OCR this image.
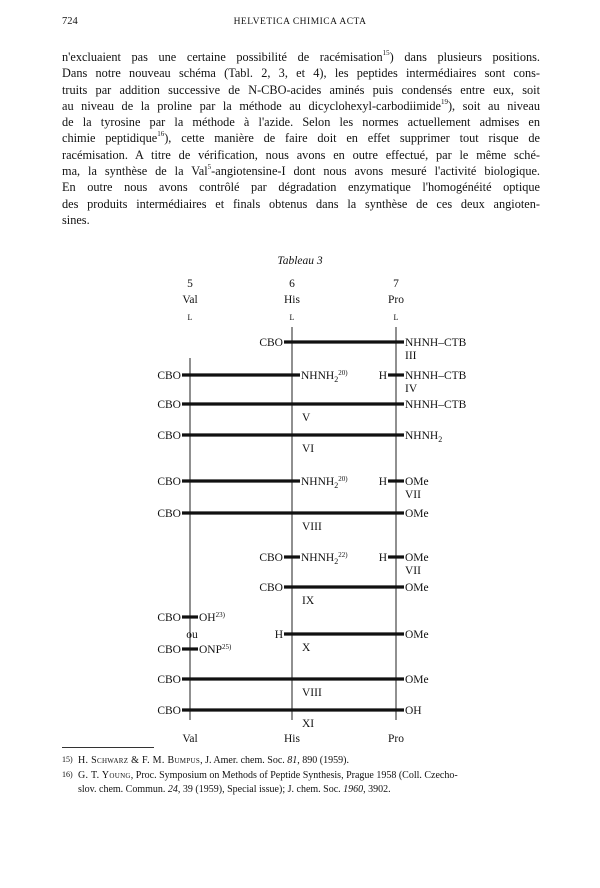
724	HELVETICA CHIMICA ACTA
n'excluaient pas une certaine possibilité de racémisation$^{15}$) dans plusieurs positions.
Dans notre nouveau schéma (Tabl. 2, 3, et 4), les peptides intermédiaires sont cons-
truits par addition successive de N-CBO-acides aminés puis condensés entre eux, soit
au niveau de la proline par la méthode au dicyclohexyl-carbodiimide$^{19}$), soit au niveau
de la tyrosine par la méthode à l'azide. Selon les normes actuellement admises en
chimie peptidique$^{16}$), cette manière de faire doit en effet supprimer tout risque de
racémisation. A titre de vérification, nous avons en outre effectué, par le même sché-
ma, la synthèse de la Val$^5$-angiotensine-I dont nous avons mesuré l'activité biologique.
En outre nous avons contrôlé par dégradation enzymatique l'homogénéité optique
des produits intermédiaires et finals obtenus dans la synthèse de ces deux angioten-
sines.
Tableau 3
5
Val
L
6
His
L
7
Pro
L
Val	His	Pro
CBO	NHNH–CTB
III
CBO	$NHNH_2^{20)}$	H NHNH–CTB
IV
CBO	NHNH–CTB
V
CBO	$NHNH_2$
VI
CBO	$NHNH_2^{20)}$	H OMe
VII
CBO	OMe
VIII
CBO $NHNH_2^{22)}$	H OMe
VII
CBO	OMe
IX
CBO OH$^{23)}$
H	OMe
X
ou
CBO ONP$^{25)}$
CBO	OMe
VIII
CBO	OH
XI
15) H. Schwarz & F. M. Bumpus, J. Amer. chem. Soc. 81, 890 (1959).
16) G. T. Young, Proc. Symposium on Methods of Peptide Synthesis, Prague 1958 (Coll. Czecho-
slov. chem. Commun. 24, 39 (1959), Special issue); J. chem. Soc. 1960, 3902.
